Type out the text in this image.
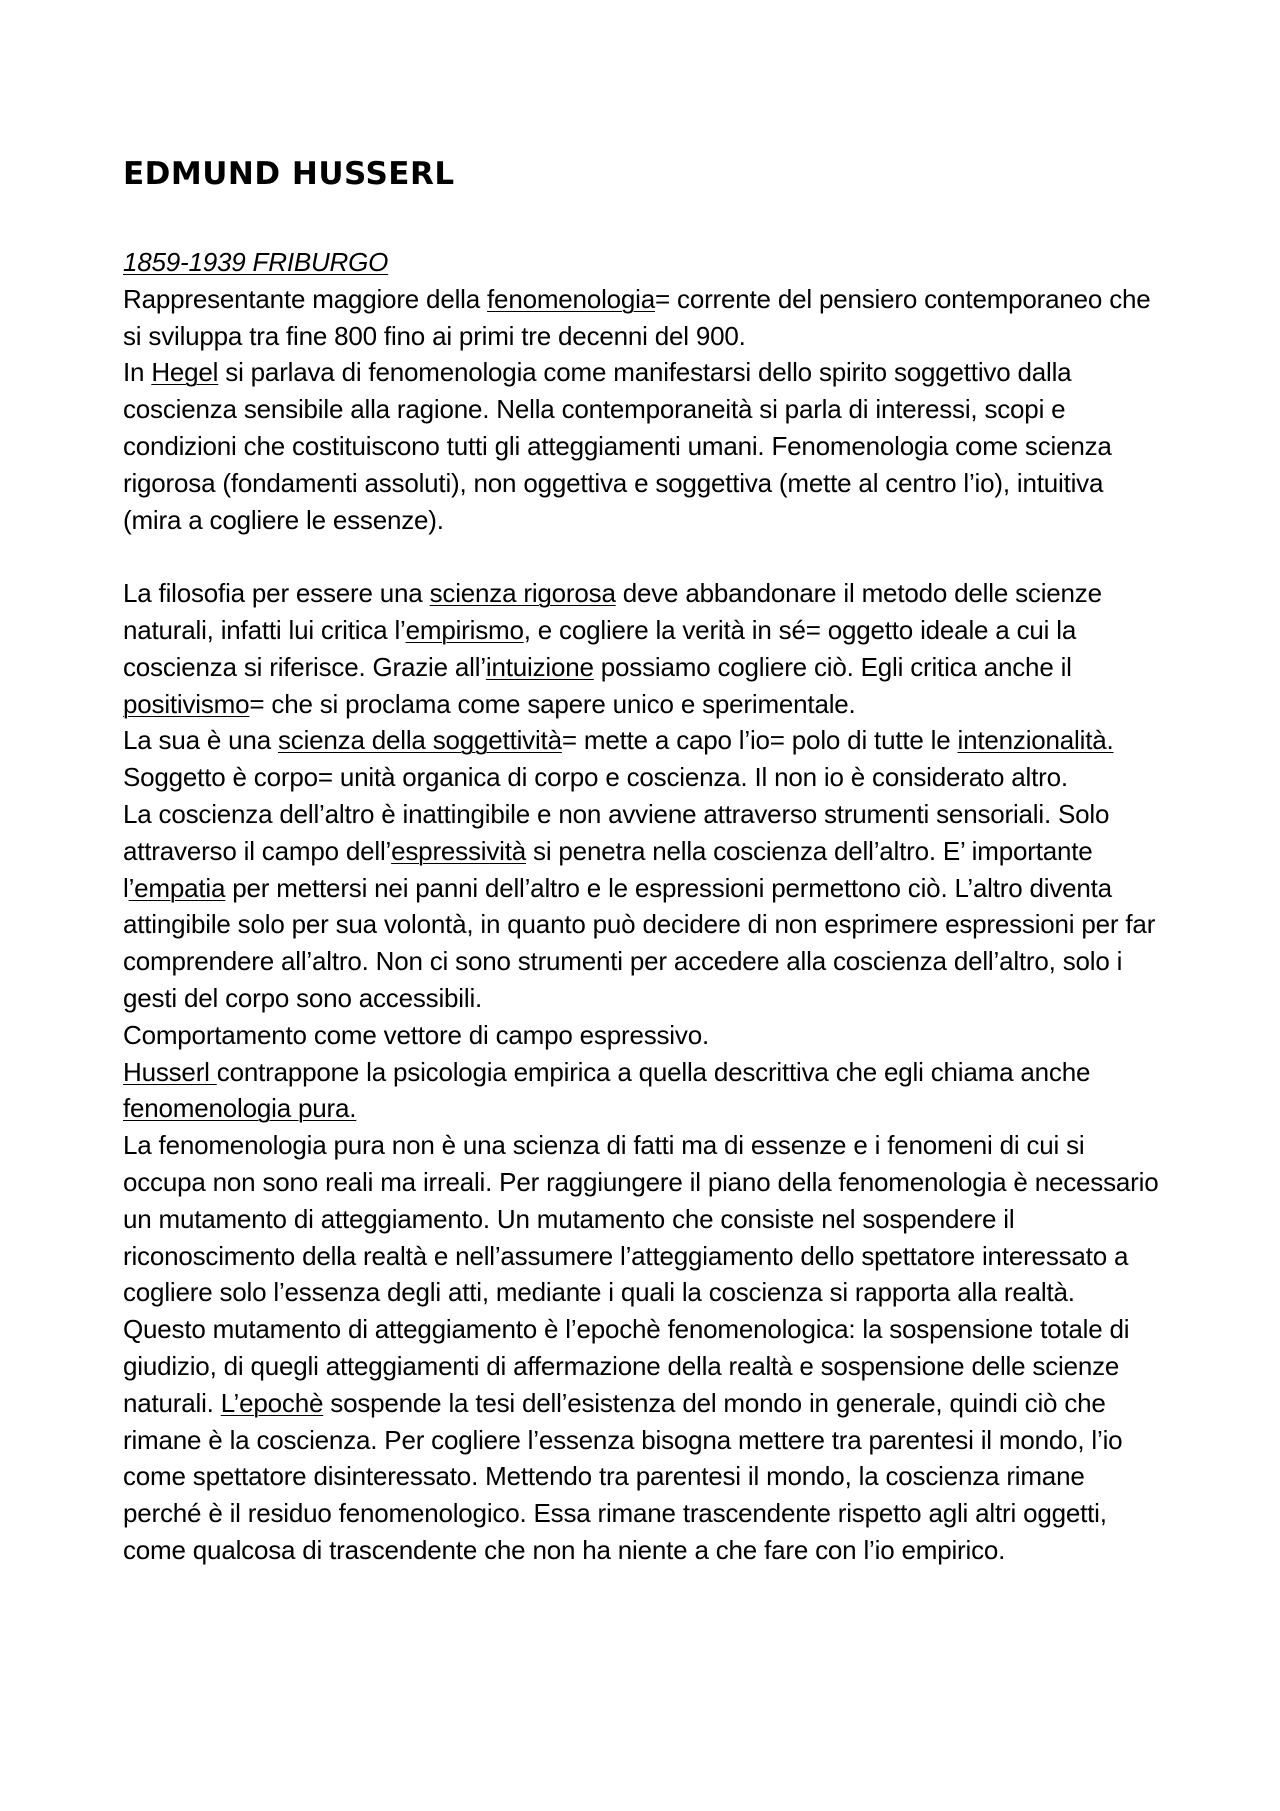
EDMUND HUSSERL

1859-1939 FRIBURGO

Rappresentante maggiore della fenomenologia= corrente del pensiero contemporaneo che si sviluppa tra fine 800 fino ai primi tre decenni del 900.

In Hegel si parlava di fenomenologia come manifestarsi dello spirito soggettivo dalla coscienza sensibile alla ragione. Nella contemporaneità si parla di interessi, scopi e condizioni che costituiscono tutti gli atteggiamenti umani. Fenomenologia come scienza rigorosa (fondamenti assoluti), non oggettiva e soggettiva (mette al centro l’io), intuitiva (mira a cogliere le essenze).

La filosofia per essere una scienza rigorosa deve abbandonare il metodo delle scienze naturali, infatti lui critica l’empirismo, e cogliere la verità in sé= oggetto ideale a cui la coscienza si riferisce. Grazie all’intuizione possiamo cogliere ciò. Egli critica anche il positivismo= che si proclama come sapere unico e sperimentale.

La sua è una scienza della soggettività= mette a capo l’io= polo di tutte le intenzionalità.

Soggetto è corpo= unità organica di corpo e coscienza. Il non io è considerato altro.

La coscienza dell’altro è inattingibile e non avviene attraverso strumenti sensoriali. Solo attraverso il campo dell’espressività si penetra nella coscienza dell’altro. E’ importante l’empatia per mettersi nei panni dell’altro e le espressioni permettono ciò. L’altro diventa attingibile solo per sua volontà, in quanto può decidere di non esprimere espressioni per far comprendere all’altro. Non ci sono strumenti per accedere alla coscienza dell’altro, solo i gesti del corpo sono accessibili.

Comportamento come vettore di campo espressivo.

Husserl contrappone la psicologia empirica a quella descrittiva che egli chiama anche fenomenologia pura.

La fenomenologia pura non è una scienza di fatti ma di essenze e i fenomeni di cui si occupa non sono reali ma irreali. Per raggiungere il piano della fenomenologia è necessario un mutamento di atteggiamento. Un mutamento che consiste nel sospendere il riconoscimento della realtà e nell’assumere l’atteggiamento dello spettatore interessato a cogliere solo l’essenza degli atti, mediante i quali la coscienza si rapporta alla realtà. Questo mutamento di atteggiamento è l’epochè fenomenologica: la sospensione totale di giudizio, di quegli atteggiamenti di affermazione della realtà e sospensione delle scienze naturali. L’epochè sospende la tesi dell’esistenza del mondo in generale, quindi ciò che rimane è la coscienza. Per cogliere l’essenza bisogna mettere tra parentesi il mondo, l’io come spettatore disinteressato. Mettendo tra parentesi il mondo, la coscienza rimane perché è il residuo fenomenologico. Essa rimane trascendente rispetto agli altri oggetti, come qualcosa di trascendente che non ha niente a che fare con l’io empirico.
